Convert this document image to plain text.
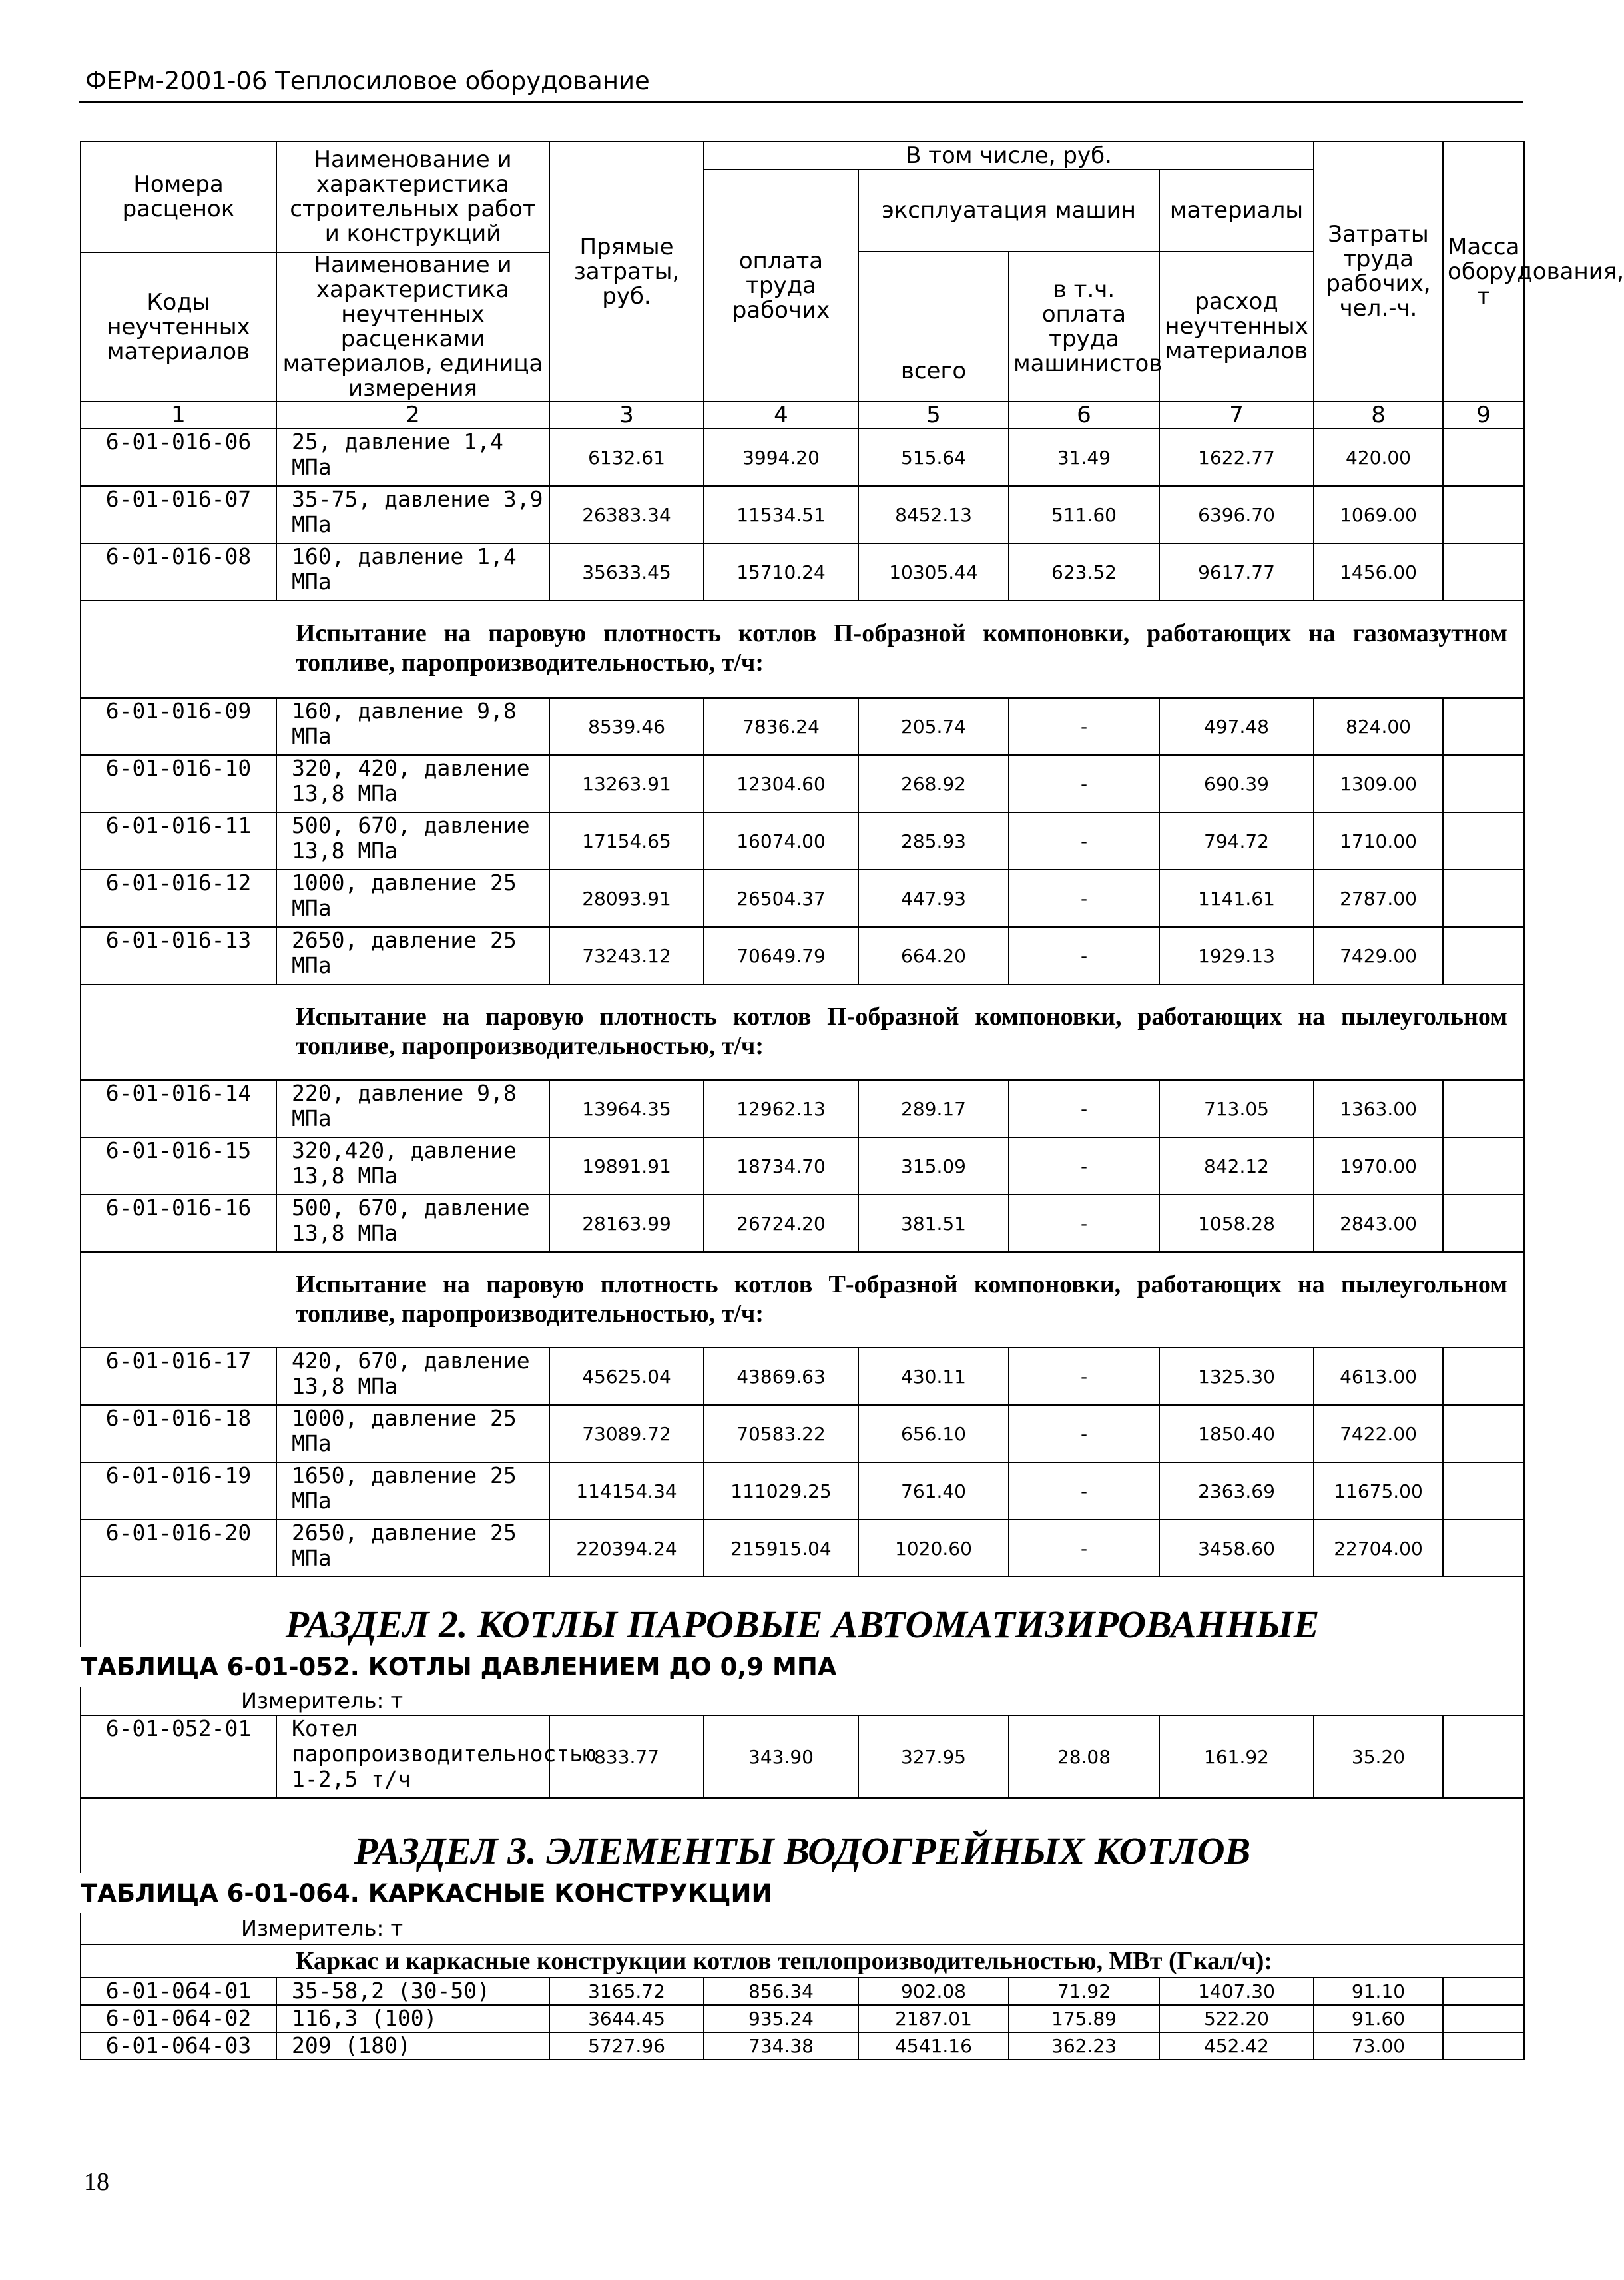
ФЕРм-2001-06 Теплосиловое оборудование
Номера расценок	Наименование и характеристика строительных работ и конструкций	Прямые затраты, руб.	В том числе, руб.				Затраты труда рабочих, чел.-ч.	Масса оборудования, т
			оплата труда рабочих	эксплуатация машин		материалы		
				всего	в т.ч. оплата труда машинистов	расход неучтенных материалов		
Коды неучтенных материалов	Наименование и характеристика неучтенных расценками материалов, единица измерения							

1	2	3	4	5	6	7	8	9
6-01-016-06	25, давление 1,4 МПа	6132.61	3994.20	515.64	31.49	1622.77	420.00	
6-01-016-07	35-75, давление 3,9 МПа	26383.34	11534.51	8452.13	511.60	6396.70	1069.00	
6-01-016-08	160, давление 1,4 МПа	35633.45	15710.24	10305.44	623.52	9617.77	1456.00	
Испытание на паровую плотность котлов П-образной компоновки, работающих на газомазутном топливе, паропроизводительностью, т/ч:								
6-01-016-09	160, давление 9,8 МПа	8539.46	7836.24	205.74	-	497.48	824.00	
6-01-016-10	320, 420, давление 13,8 МПа	13263.91	12304.60	268.92	-	690.39	1309.00	
6-01-016-11	500, 670, давление 13,8 МПа	17154.65	16074.00	285.93	-	794.72	1710.00	
6-01-016-12	1000, давление 25 МПа	28093.91	26504.37	447.93	-	1141.61	2787.00	
6-01-016-13	2650, давление 25 МПа	73243.12	70649.79	664.20	-	1929.13	7429.00	
Испытание на паровую плотность котлов П-образной компоновки, работающих на пылеугольном топливе, паропроизводительностью, т/ч:								
6-01-016-14	220, давление 9,8 МПа	13964.35	12962.13	289.17	-	713.05	1363.00	
6-01-016-15	320,420, давление 13,8 МПа	19891.91	18734.70	315.09	-	842.12	1970.00	
6-01-016-16	500, 670, давление 13,8 МПа	28163.99	26724.20	381.51	-	1058.28	2843.00	
Испытание на паровую плотность котлов Т-образной компоновки, работающих на пылеугольном топливе, паропроизводительностью, т/ч:								
6-01-016-17	420, 670, давление 13,8 МПа	45625.04	43869.63	430.11	-	1325.30	4613.00	
6-01-016-18	1000, давление 25 МПа	73089.72	70583.22	656.10	-	1850.40	7422.00	
6-01-016-19	1650, давление 25 МПа	114154.34	111029.25	761.40	-	2363.69	11675.00	
6-01-016-20	2650, давление 25 МПа	220394.24	215915.04	1020.60	-	3458.60	22704.00	
РАЗДЕЛ 2. КОТЛЫ ПАРОВЫЕ АВТОМАТИЗИРОВАННЫЕ								
ТАБЛИЦА 6-01-052. КОТЛЫ ДАВЛЕНИЕМ ДО 0,9 МПА								
Измеритель: т								
6-01-052-01	Котел паропроизводительностью 1-2,5 т/ч	833.77	343.90	327.95	28.08	161.92	35.20	
РАЗДЕЛ 3. ЭЛЕМЕНТЫ ВОДОГРЕЙНЫХ КОТЛОВ								
ТАБЛИЦА 6-01-064. КАРКАСНЫЕ КОНСТРУКЦИИ								
Измеритель: т								
Каркас и каркасные конструкции котлов теплопроизводительностью, МВт (Гкал/ч):								
6-01-064-01	35-58,2 (30-50)	3165.72	856.34	902.08	71.92	1407.30	91.10	
6-01-064-02	116,3 (100)	3644.45	935.24	2187.01	175.89	522.20	91.60	
6-01-064-03	209 (180)	5727.96	734.38	4541.16	362.23	452.42	73.00	
18
